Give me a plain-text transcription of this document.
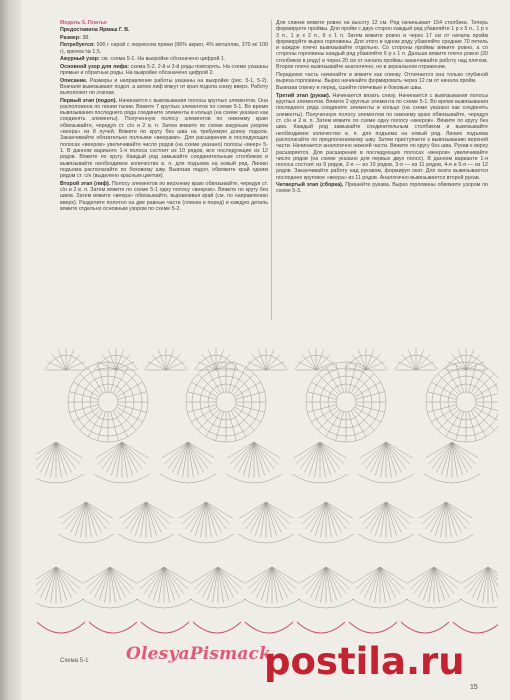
Модель 5. Платье

Предоставила Ярмаш Г. В.

Размер: 38.

Потребуется: 500 г серой с люрексом пряжи (96% акрил, 4% металлик, 370 м/ 100 г), крючок № 1,5.

Ажурный узор: см. схема 5-1. На выкройке обозначено цифрой 1.

Основной узор для лифа: схема 5-2, 2-й и 3-й ряды повторять. На схеме указаны прямые и обратные ряды. На выкройке обозначено цифрой 2.

Описание. Размеры и направление работы указаны на выкройке (рис. 5-1, 5-2). Вначале вывязывают подол, а затем лиф вяжут от края подола снизу вверх. Работу выполняют по этапам.

Первый этап (подол). Начинается с вывязывания полосы круглых элементов. Она расположена по линии талии. Вяжите 7 круглых элементов по схеме 5-1. Во время вывязывания последнего ряда соедините элементы в кольцо (на схеме указано как соединять элементы). Полученную полосу элементов по нижнему краю обвязывайте, чередуя ст. с/н и 2 в. п. Затем вяжите по схеме ажурным узором «веера» из 8 лучей. Вяжите по кругу без шва на требуемую длину подола. Заканчивайте обязательно полными «веерами». Для расширения в последующих полосах «вееров» увеличивайте число рядов (на схеме указано) полосы «веер» 5-1. В данном варианте 1-я полоса состоит из 10 рядов, все последующие из 12 рядов. Вяжите по кругу. Каждый ряд замыкайте соединительным столбиком и вывязывайте необходимое количество в. п. для подъема на новый ряд. Линию подъема располагайте по боковому шву. Вывязав подол, обвяжите край одним рядом ст. с/н (выделено красным цветом).

Второй этап (лиф). Полосу элементов по верхнему краю обвязывайте, чередуя ст. с/н и 2 в. п. Затем вяжите по схеме 5-1 одну полосу «вееров». Вяжите по кругу без швов. Затем вяжите «веера» обвязывайте, выравнивая край (см. по направлению вверх). Разделите полотно на две равные части (спинка и перед) и каждую деталь вяжите отдельно основным узором по схеме 5-2.

Для спинки вяжите ровно на высоту 12 см. Ряд начинывает 154 столбика. Теперь формируете проймы. Для пройм с двух сторон каждый ряд убавляйте 1 р х 5 п., 1 р х 3 п., 1 р х 2 п., 6 х 1 п. Затем вяжите ровно и через 17 см от начала пройм формируйте вырез горловины. Для этого в одном ряду убавляйте средние 70 петель и каждое плечо вывязывайте отдельно. Со стороны проймы вяжите ровно, а со стороны горловины каждый ряд убавляйте 6 р х 1 п. Дальше вяжите плечо ровно (20 столбиков в ряду) и через 20 см от начала проймы заканчивайте работу над плечом. Второе плечо вывязывайте аналогично, но в зеркальном отражении.

Переднюю часть начинайте и вяжите как спинку. Отличается она только глубиной выреза горловины. Вырез начинайте формировать через 12 см от начала пройм.

Вывязав спинку и перед, сшейте плечевые и боковые швы.

Третий этап (рукав). Начинается вязать снизу. Начинается с вывязывания полосы круглых элементов. Вяжите 2 круглых элемента по схеме 5-1. Во время вывязывания последнего ряда соедините элементы в кольцо (на схеме указано как соединять элементы). Полученную полосу элементов по нижнему краю обвязывайте, чередуя ст. с/н и 2 в. п. Затем вяжите по схеме одну полосу «вееров». Вяжите по кругу без шва. Каждый ряд замыкайте соединительным столбиком и вывязывайте необходимое количество в. п. для подъема на новый ряд. Линию подъема располагайте по предполагаемому шву. Затем приступаете к вывязыванию верхней части. Начинается аналогично нижней части. Вяжите по кругу без шва. Рукав к верху расширяется. Для расширения в последующих полосах «вееров» увеличивайте число рядов (на схеме указано для первых двух полос). В данном варианте 1-я полоса состоит из 9 рядов, 2-я — из 10 рядов, 3-я — из 11 рядов, 4-я и 5-я — из 12 рядов. Заканчивайте работу над рукавом, формируя окат. Для оката вывязывается последнее круговое «веера» из 11 рядов. Аналогично вывязывается второй рукав.

Четвертый этап (сборка). Пришейте рукава. Вырез горловины обвяжите узором по схеме 5-3.

Схема 5-1 OlesyaPismack
postila.ru
15
